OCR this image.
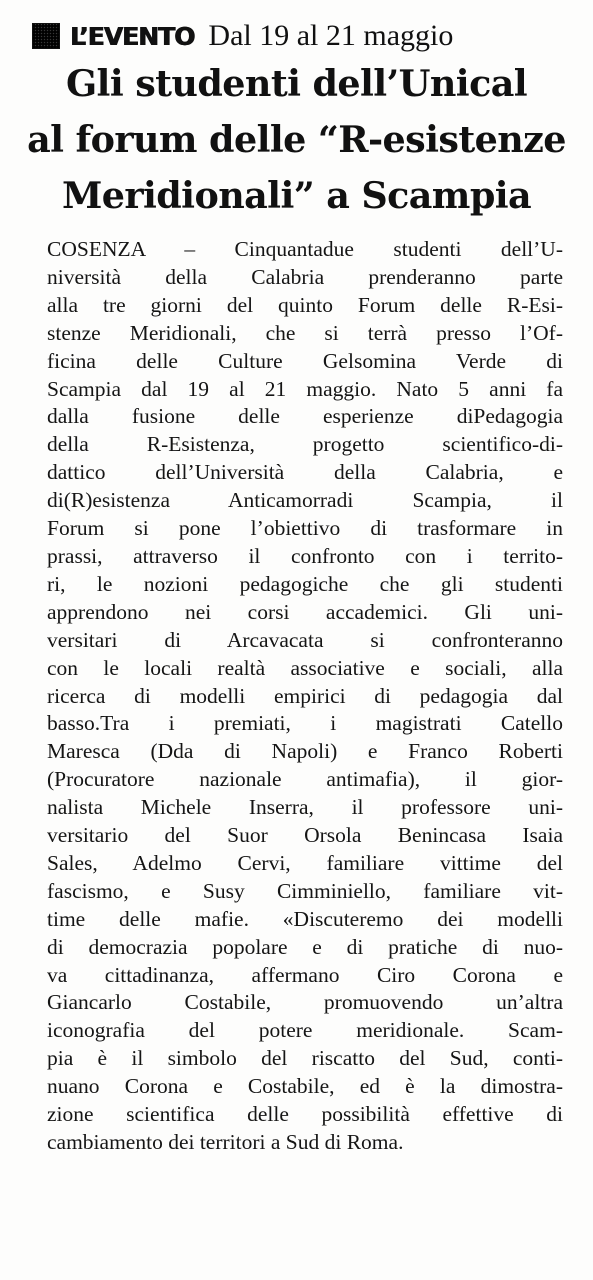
L’EVENTO Dal 19 al 21 maggio
Gli studenti dell’Unical
al forum delle “R-esistenze
Meridionali” a Scampia
COSENZA – Cinquantadue studenti dell’U-
niversità della Calabria prenderanno parte
alla tre giorni del quinto Forum delle R-Esi-
stenze Meridionali, che si terrà presso l’Of-
ficina delle Culture Gelsomina Verde di
Scampia dal 19 al 21 maggio. Nato 5 anni fa
dalla fusione delle esperienze diPedagogia
della R-Esistenza, progetto scientifico-di-
dattico dell’Università della Calabria, e
di(R)esistenza Anticamorradi Scampia, il
Forum si pone l’obiettivo di trasformare in
prassi, attraverso il confronto con i territo-
ri, le nozioni pedagogiche che gli studenti
apprendono nei corsi accademici. Gli uni-
versitari di Arcavacata si confronteranno
con le locali realtà associative e sociali, alla
ricerca di modelli empirici di pedagogia dal
basso.Tra i premiati, i magistrati Catello
Maresca (Dda di Napoli) e Franco Roberti
(Procuratore nazionale antimafia), il gior-
nalista Michele Inserra, il professore uni-
versitario del Suor Orsola Benincasa Isaia
Sales, Adelmo Cervi, familiare vittime del
fascismo, e Susy Cimminiello, familiare vit-
time delle mafie. «Discuteremo dei modelli
di democrazia popolare e di pratiche di nuo-
va cittadinanza, affermano Ciro Corona e
Giancarlo Costabile, promuovendo un’altra
iconografia del potere meridionale. Scam-
pia è il simbolo del riscatto del Sud, conti-
nuano Corona e Costabile, ed è la dimostra-
zione scientifica delle possibilità effettive di
cambiamento dei territori a Sud di Roma.
